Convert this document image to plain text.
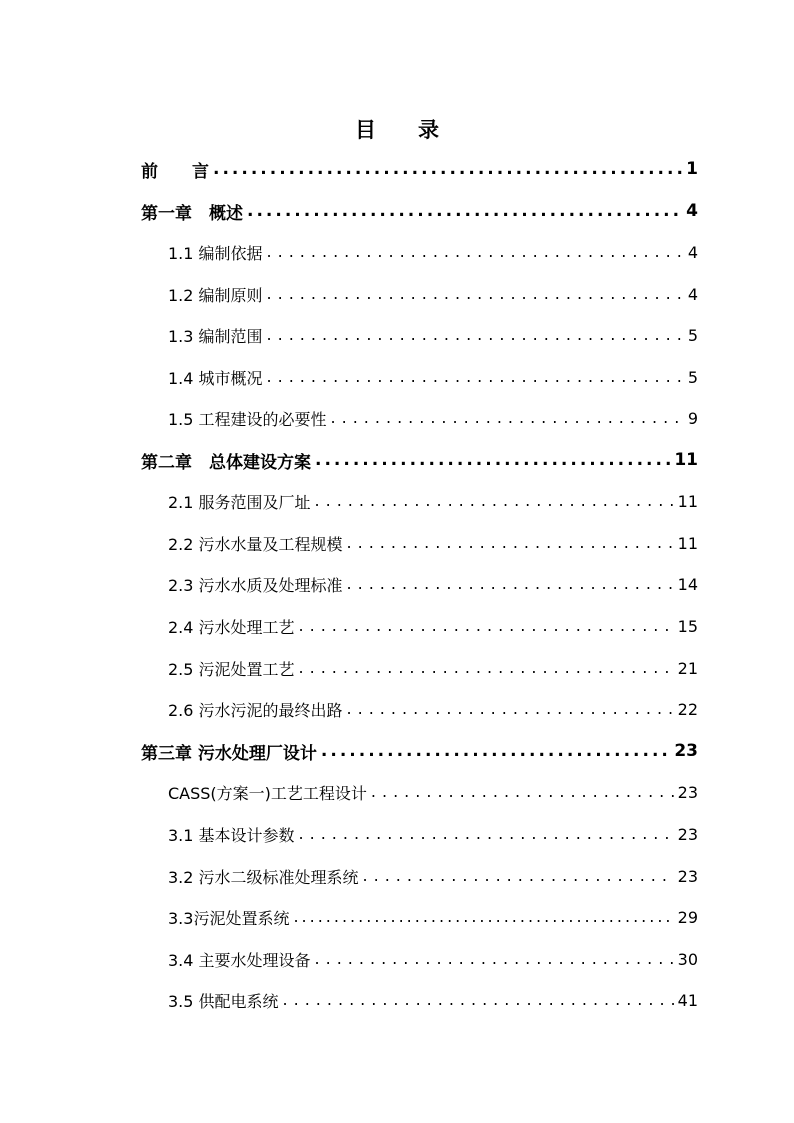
目录
前　　言 .....	1
第一章　概述 .....	4
1.1 编制依据 .....	4
1.2 编制原则 .....	4
1.3 编制范围 .....	5
1.4 城市概况 .....	5
1.5 工程建设的必要性 .....	9
第二章　总体建设方案 .....	11
2.1 服务范围及厂址 .....	11
2.2 污水水量及工程规模 .....	11
2.3 污水水质及处理标准 .....	14
2.4 污水处理工艺 .....	15
2.5 污泥处置工艺 .....	21
2.6 污水污泥的最终出路 .....	22
第三章 污水处理厂设计 .....	23
CASS(方案一)工艺工程设计 .....	23
3.1 基本设计参数 .....	23
3.2 污水二级标准处理系统 .....	23
3.3污泥处置系统 .....	29
3.4 主要水处理设备 .....	30
3.5 供配电系统 .....	41
